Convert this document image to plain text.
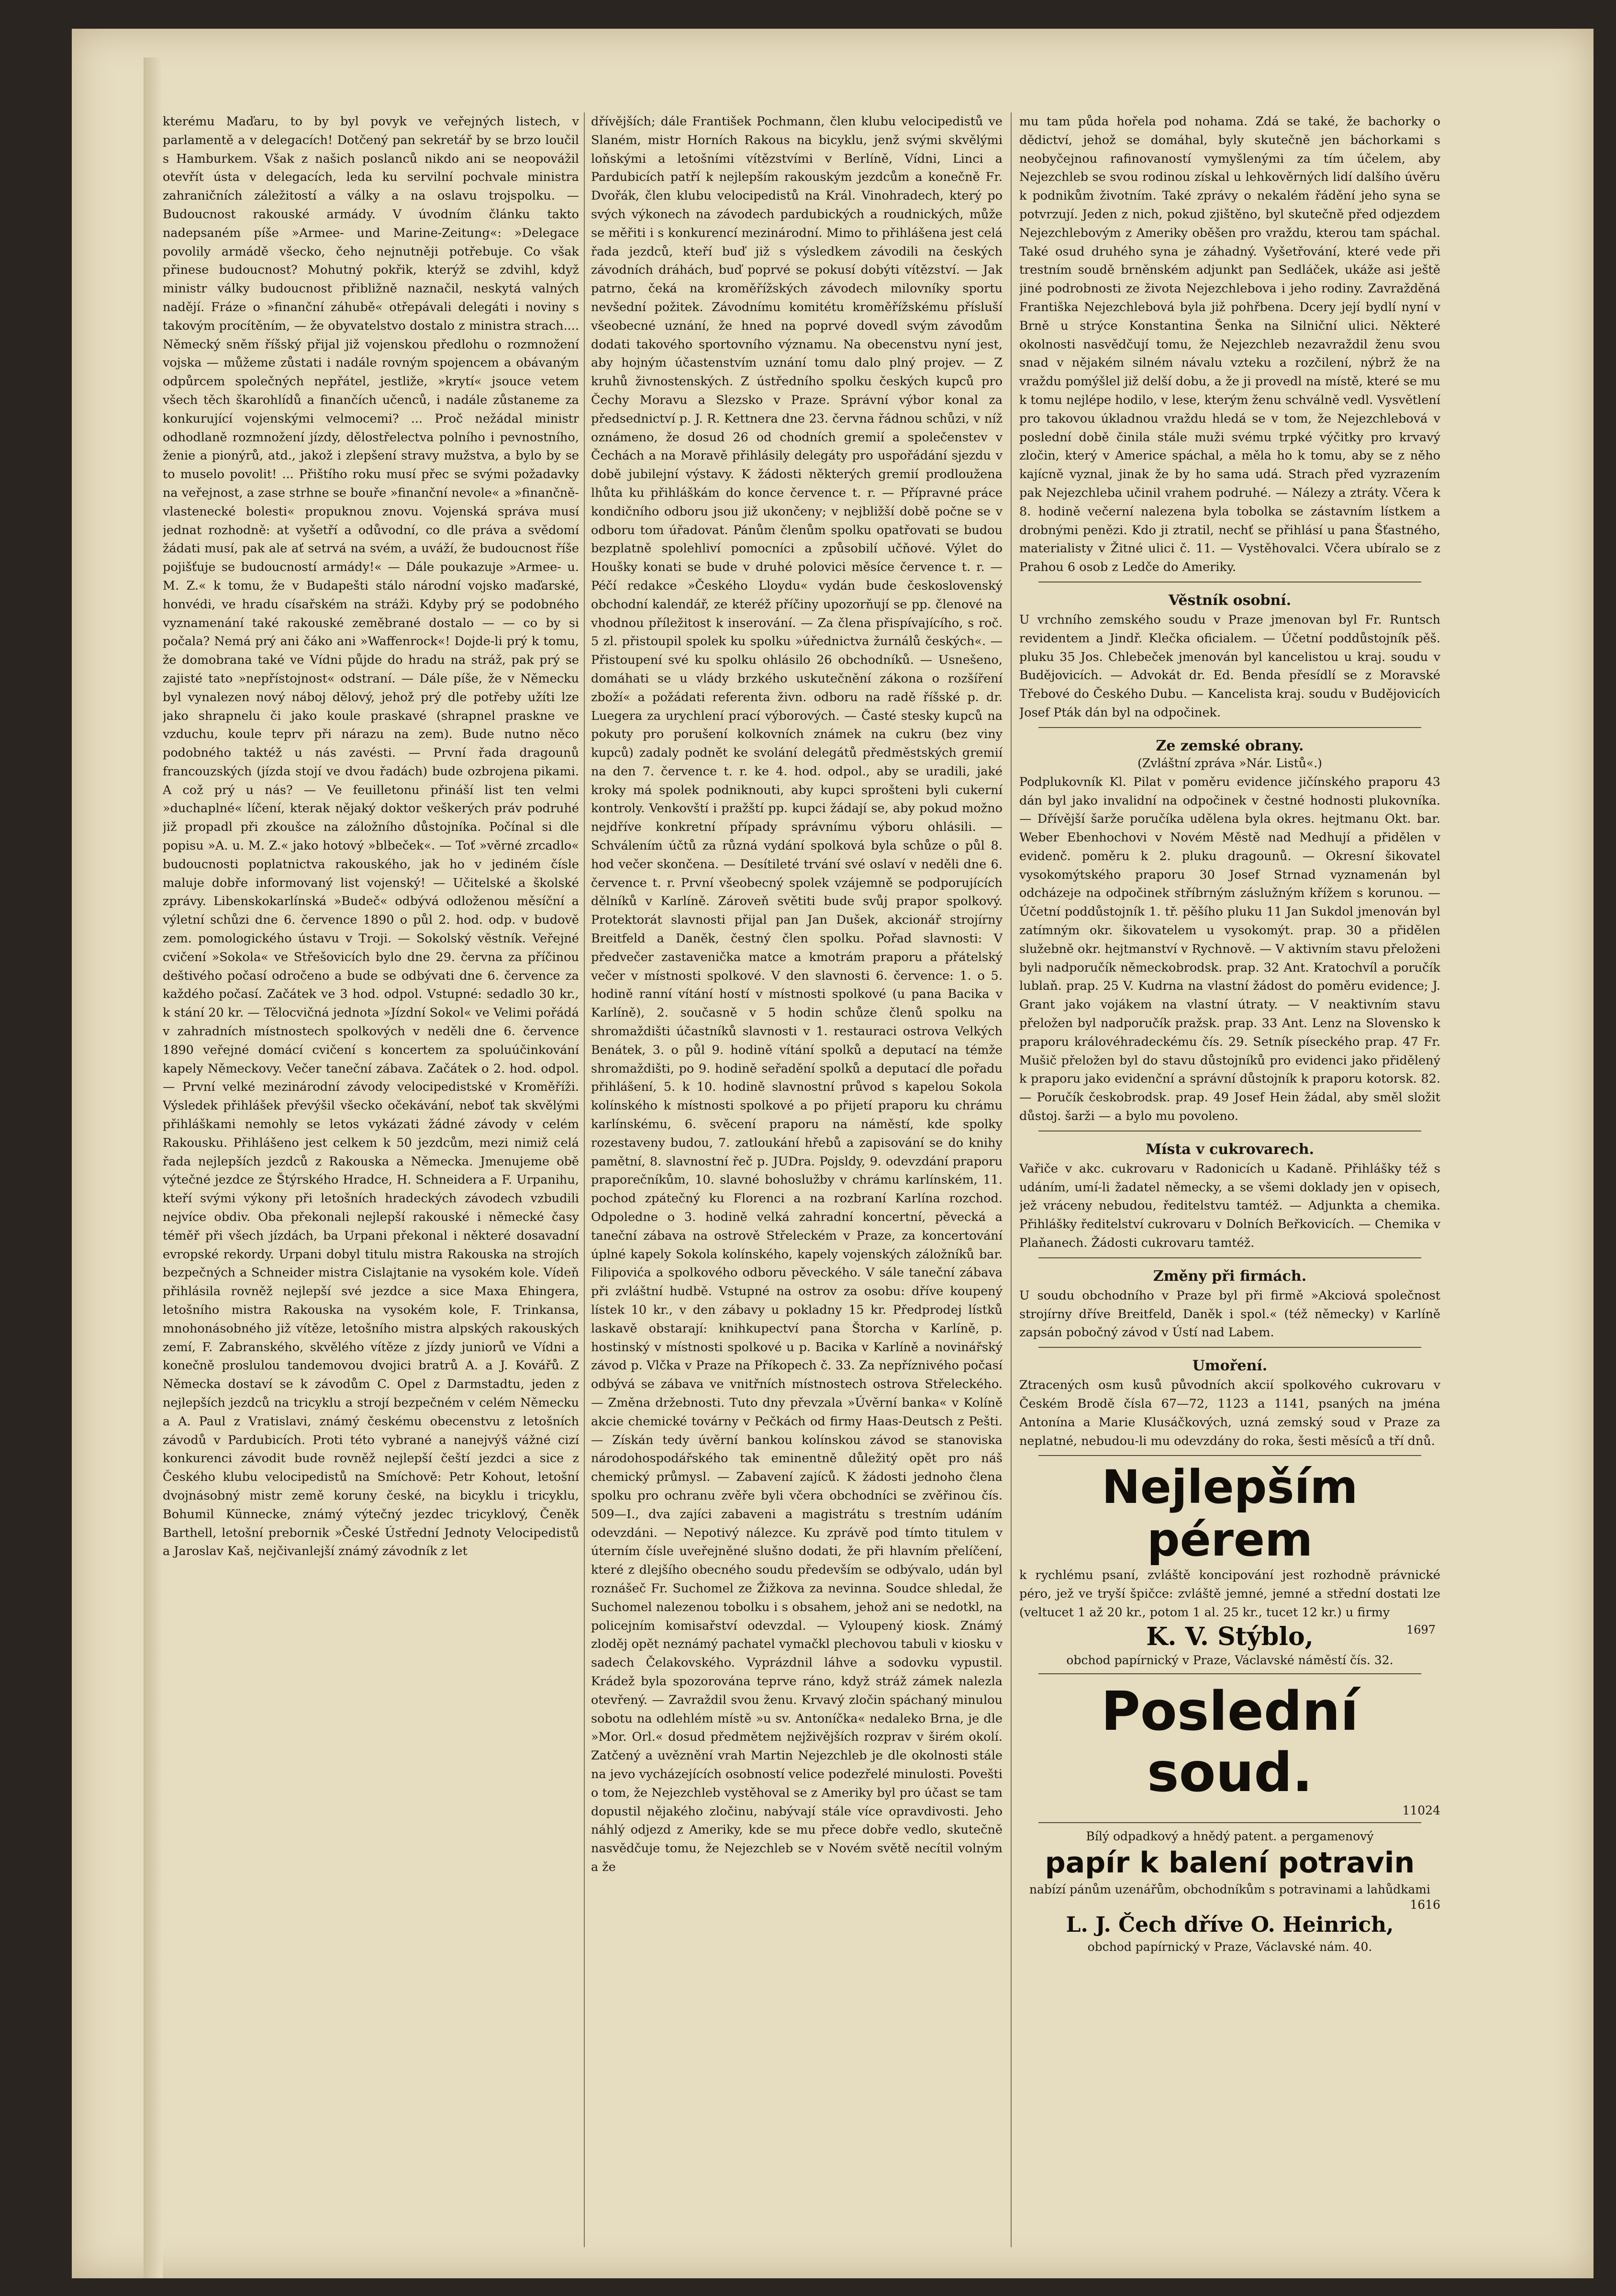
kterému Maďaru, to by byl povyk ve veřejných listech, v parlamentě a v delegacích! Dotčený pan sekretář by se brzo loučil s Hamburkem. Však z našich poslanců nikdo ani se neopovážil otevřít ústa v delegacích, leda ku servilní pochvale ministra zahraničních záležitostí a války a na oslavu trojspolku. — Budoucnost rakouské armády. V úvodním článku takto nadepsaném píše »Armee- und Marine-Zeitung«: »Delegace povolily armádě všecko, čeho nejnutněji potřebuje. Co však přinese budoucnost? Mohutný pokřik, kterýž se zdvihl, když ministr války budoucnost přibližně naznačil, neskytá valných nadějí. Fráze o »finanční záhubě« otřepávali delegáti i noviny s takovým procítěním, — že obyvatelstvo dostalo z ministra strach.... Německý sněm říšský přijal již vojenskou předlohu o rozmnožení vojska — můžeme zůstati i nadále rovným spojencem a obávaným odpůrcem společných nepřátel, jestliže, »krytí« jsouce vetem všech těch škarohlídů a finančích učenců, i nadále zůstaneme za konkurující vojenskými velmocemi? ... Proč nežádal ministr odhodlaně rozmnožení jízdy, dělostřelectva polního i pevnostního, ženie a pionýrů, atd., jakož i zlepšení stravy mužstva, a bylo by se to muselo povolit! ... Přištího roku musí přec se svými požadavky na veřejnost, a zase strhne se bouře »finanční nevole« a »finančně-vlastenecké bolesti« propuknou znovu. Vojenská správa musí jednat rozhodně: at vyšetří a odůvodní, co dle práva a svědomí žádati musí, pak ale ať setrvá na svém, a uváží, že budoucnost říše pojišťuje se budoucností armády!« — Dále poukazuje »Armee- u. M. Z.« k tomu, že v Budapešti stálo národní vojsko maďarské, honvédi, ve hradu císařském na stráži. Kdyby prý se podobného vyznamenání také rakouské zeměbrané dostalo — — co by si počala? Nemá prý ani čáko ani »Waffenrock«! Dojde-li prý k tomu, že domobrana také ve Vídni půjde do hradu na stráž, pak prý se zajisté tato »nepřístojnost« odstraní. — Dále píše, že v Německu byl vynalezen nový náboj dělový, jehož prý dle potřeby užíti lze jako shrapnelu či jako koule praskavé (shrapnel praskne ve vzduchu, koule teprv při nárazu na zem). Bude nutno něco podobného taktéž u nás zavésti. — První řada dragounů francouzských (jízda stojí ve dvou řadách) bude ozbrojena pikami. A což prý u nás? — Ve feuilletonu přináší list ten velmi »duchaplné« líčení, kterak nějaký doktor veškerých práv podruhé již propadl při zkoušce na záložního důstojníka. Počínal si dle popisu »A. u. M. Z.« jako hotový »blbeček«. — Toť »věrné zrcadlo« budoucnosti poplatnictva rakouského, jak ho v jediném čísle maluje dobře informovaný list vojenský! — Učitelské a školské zprávy. Libenskokarlínská »Budeč« odbývá odloženou měsíční a výletní schůzi dne 6. července 1890 o půl 2. hod. odp. v budově zem. pomologického ústavu v Troji. — Sokolský věstník. Veřejné cvičení »Sokola« ve Střešovicích bylo dne 29. června za příčinou deštivého počasí odročeno a bude se odbývati dne 6. července za každého počasí. Začátek ve 3 hod. odpol. Vstupné: sedadlo 30 kr., k stání 20 kr. — Tělocvičná jednota »Jízdní Sokol« ve Velimi pořádá v zahradních místnostech spolkových v neděli dne 6. července 1890 veřejné domácí cvičení s koncertem za spoluúčinkování kapely Německovy. Večer taneční zábava. Začátek o 2. hod. odpol. — První velké mezinárodní závody velocipedistské v Kroměříži. Výsledek přihlášek převýšil všecko očekávání, neboť tak skvělými přihláškami nemohly se letos vykázati žádné závody v celém Rakousku. Přihlášeno jest celkem k 50 jezdcům, mezi nimiž celá řada nejlepších jezdců z Rakouska a Německa. Jmenujeme obě výtečné jezdce ze Štýrského Hradce, H. Schneidera a F. Urpanihu, kteří svými výkony při letošních hradeckých závodech vzbudili nejvíce obdiv. Oba překonali nejlepší rakouské i německé časy téměř při všech jízdách, ba Urpani překonal i některé dosavadní evropské rekordy. Urpani dobyl titulu mistra Rakouska na strojích bezpečných a Schneider mistra Cislajtanie na vysokém kole. Vídeň přihlásila rovněž nejlepší své jezdce a sice Maxa Ehingera, letošního mistra Rakouska na vysokém kole, F. Trinkansa, mnohonásobného již vítěze, letošního mistra alpských rakouských zemí, F. Zabranského, skvělého vítěze z jízdy juniorů ve Vídni a konečně proslulou tandemovou dvojici bratrů A. a J. Kovářů. Z Německa dostaví se k závodům C. Opel z Darmstadtu, jeden z nejlepších jezdců na tricyklu a strojí bezpečném v celém Německu a A. Paul z Vratislavi, známý českému obecenstvu z letošních závodů v Pardubicích. Proti této vybrané a nanejvýš vážné cizí konkurenci závodit bude rovněž nejlepší čeští jezdci a sice z Českého klubu velocipedistů na Smíchově: Petr Kohout, letošní dvojnásobný mistr země koruny české, na bicyklu i tricyklu, Bohumil Künnecke, známý výtečný jezdec tricyklový, Čeněk Barthell, letošní prebornik »České Ústřední Jednoty Velocipedistů a Jaroslav Kaš, nejčivanlejší známý závodník z let

dřívějších; dále František Pochmann, člen klubu velocipedistů ve Slaném, mistr Horních Rakous na bicyklu, jenž svými skvělými loňskými a letošními vítězstvími v Berlíně, Vídni, Linci a Pardubicích patří k nejlepším rakouským jezdcům a konečně Fr. Dvořák, člen klubu velocipedistů na Král. Vinohradech, který po svých výkonech na závodech pardubických a roudnických, může se měřiti i s konkurencí mezinárodní. Mimo to přihlášena jest celá řada jezdců, kteří buď již s výsledkem závodili na českých závodních dráhách, buď poprvé se pokusí dobýti vítězství. — Jak patrno, čeká na kroměřížských závodech milovníky sportu nevšední požitek. Závodnímu komitétu kroměřížskému přísluší všeobecné uznání, že hned na poprvé dovedl svým závodům dodati takového sportovního významu. Na obecenstvu nyní jest, aby hojným účastenstvím uznání tomu dalo plný projev. — Z kruhů živnostenských. Z ústředního spolku českých kupců pro Čechy Moravu a Slezsko v Praze. Správní výbor konal za předsednictví p. J. R. Kettnera dne 23. června řádnou schůzi, v níž oznámeno, že dosud 26 od chodních gremií a společenstev v Čechách a na Moravě přihlásily delegáty pro uspořádání sjezdu v době jubilejní výstavy. K žádosti některých gremií prodloužena lhůta ku přihláškám do konce července t. r. — Přípravné práce kondičního odboru jsou již ukončeny; v nejbližší době počne se v odboru tom úřadovat. Pánům členům spolku opatřovati se budou bezplatně spolehliví pomocníci a způsobilí učňové. Výlet do Houšky konati se bude v druhé polovici měsíce července t. r. — Péčí redakce »Českého Lloydu« vydán bude československý obchodní kalendář, ze kteréž příčiny upozorňují se pp. členové na vhodnou příležitost k inserování. — Za člena přispívajícího, s roč. 5 zl. přistoupil spolek ku spolku »úřednictva žurnálů českých«. — Přistoupení své ku spolku ohlásilo 26 obchodníků. — Usnešeno, domáhati se u vlády brzkého uskutečnění zákona o rozšíření zboží« a požádati referenta živn. odboru na radě říšské p. dr. Luegera za urychlení prací výborových. — Časté stesky kupců na pokuty pro porušení kolkovních známek na cukru (bez viny kupců) zadaly podnět ke svolání delegátů předměstských gremií na den 7. července t. r. ke 4. hod. odpol., aby se uradili, jaké kroky má spolek podniknouti, aby kupci sprošteni byli cukerní kontroly. Venkovští i pražští pp. kupci žádají se, aby pokud možno nejdříve konkretní případy správnímu výboru ohlásili. — Schválením účtů za různá vydání spolková byla schůze o půl 8. hod večer skončena. — Desítileté trvání své oslaví v neděli dne 6. července t. r. První všeobecný spolek vzájemně se podporujících dělníků v Karlíně. Zároveň světiti bude svůj prapor spolkový. Protektorát slavnosti přijal pan Jan Dušek, akcionář strojírny Breitfeld a Daněk, čestný člen spolku. Pořad slavnosti: V předvečer zastavenička matce a kmotrám praporu a přátelský večer v místnosti spolkové. V den slavnosti 6. července: 1. o 5. hodině ranní vítání hostí v místnosti spolkové (u pana Bacika v Karlíně), 2. současně v 5 hodin schůze členů spolku na shromaždišti účastníků slavnosti v 1. restauraci ostrova Velkých Benátek, 3. o půl 9. hodině vítání spolků a deputací na témže shromaždišti, po 9. hodině seřadění spolků a deputací dle pořadu přihlášení, 5. k 10. hodině slavnostní průvod s kapelou Sokola kolínského k místnosti spolkové a po přijetí praporu ku chrámu karlínskému, 6. svěcení praporu na náměstí, kde spolky rozestaveny budou, 7. zatloukání hřebů a zapisování se do knihy pamětní, 8. slavnostní řeč p. JUDra. Pojsldy, 9. odevzdání praporu praporečníkům, 10. slavné bohoslužby v chrámu karlínském, 11. pochod zpátečný ku Florenci a na rozbraní Karlína rozchod. Odpoledne o 3. hodině velká zahradní koncertní, pěvecká a taneční zábava na ostrově Střeleckém v Praze, za koncertování úplné kapely Sokola kolínského, kapely vojenských záložníků bar. Filipovića a spolkového odboru pěveckého. V sále taneční zábava při zvláštní hudbě. Vstupné na ostrov za osobu: dříve koupený lístek 10 kr., v den zábavy u pokladny 15 kr. Předprodej lístků laskavě obstarají: knihkupectví pana Štorcha v Karlíně, p. hostinský v místnosti spolkové u p. Bacika v Karlíně a novinářský závod p. Vlčka v Praze na Příkopech č. 33. Za nepříznivého počasí odbývá se zábava ve vnitřních místnostech ostrova Střeleckého. — Změna držebnosti. Tuto dny převzala »Úvěrní banka« v Kolíně akcie chemické továrny v Pečkách od firmy Haas-Deutsch z Pešti. — Získán tedy úvěrní bankou kolínskou závod se stanoviska národohospodářského tak eminentně důležitý opět pro náš chemický průmysl. — Zabavení zajíců. K žádosti jednoho člena spolku pro ochranu zvěře byli včera obchodníci se zvěřinou čís. 509—I., dva zajíci zabaveni a magistrátu s trestním udáním odevzdáni. — Nepotivý nálezce. Ku zprávě pod tímto titulem v úterním čísle uveřejněné slušno dodati, že při hlavním přelíčení, které z dlejšího obecného soudu především se odbývalo, udán byl roznášeč Fr. Suchomel ze Žižkova za nevinna. Soudce shledal, že Suchomel nalezenou tobolku i s obsahem, jehož ani se nedotkl, na policejním komisařství odevzdal. — Vyloupený kiosk. Známý zloděj opět neznámý pachatel vymačkl plechovou tabuli v kiosku v sadech Čelakovského. Vyprázdnil láhve a sodovku vypustil. Krádež byla spozorována teprve ráno, když stráž zámek nalezla otevřený. — Zavraždil svou ženu. Krvavý zločin spáchaný minulou sobotu na odlehlém místě »u sv. Antoníčka« nedaleko Brna, je dle »Mor. Orl.« dosud předmětem nejživějších rozprav v širém okolí. Zatčený a uvěznění vrah Martin Nejezchleb je dle okolnosti stále na jevo vycházejících osobností velice podezřelé minulosti. Povešti o tom, že Nejezchleb vystěhoval se z Ameriky byl pro účast se tam dopustil nějakého zločinu, nabývají stále více opravdivosti. Jeho náhlý odjezd z Ameriky, kde se mu přece dobře vedlo, skutečně nasvědčuje tomu, že Nejezchleb se v Novém světě necítil volným a že

mu tam půda hořela pod nohama. Zdá se také, že bachorky o dědictví, jehož se domáhal, byly skutečně jen báchorkami s neobyčejnou rafinovaností vymyšlenými za tím účelem, aby Nejezchleb se svou rodinou získal u lehkověrných lidí dalšího úvěru k podnikům životním. Také zprávy o nekalém řádění jeho syna se potvrzují. Jeden z nich, pokud zjištěno, byl skutečně před odjezdem Nejezchlebovým z Ameriky oběšen pro vraždu, kterou tam spáchal. Také osud druhého syna je záhadný. Vyšetřování, které vede při trestním soudě brněnském adjunkt pan Sedláček, ukáže asi ještě jiné podrobnosti ze života Nejezchlebova i jeho rodiny. Zavražděná Františka Nejezchlebová byla již pohřbena. Dcery její bydlí nyní v Brně u strýce Konstantina Šenka na Silniční ulici. Některé okolnosti nasvědčují tomu, že Nejezchleb nezavraždil ženu svou snad v nějakém silném návalu vzteku a rozčilení, nýbrž že na vraždu pomýšlel již delší dobu, a že ji provedl na místě, které se mu k tomu nejlépe hodilo, v lese, kterým ženu schválně vedl. Vysvětlení pro takovou úkladnou vraždu hledá se v tom, že Nejezchlebová v poslední době činila stále muži svému trpké výčitky pro krvavý zločin, který v Americe spáchal, a měla ho k tomu, aby se z něho kajícně vyznal, jinak že by ho sama udá. Strach před vyzrazením pak Nejezchleba učinil vrahem podruhé. — Nálezy a ztráty. Včera k 8. hodině večerní nalezena byla tobolka se zástavním lístkem a drobnými penězi. Kdo ji ztratil, nechť se přihlásí u pana Šťastného, materialisty v Žitné ulici č. 11. — Vystěhovalci. Včera ubíralo se z Prahou 6 osob z Ledče do Ameriky.

Věstník osobní.

U vrchního zemského soudu v Praze jmenovan byl Fr. Runtsch revidentem a Jindř. Klečka oficialem. — Účetní poddůstojník pěš. pluku 35 Jos. Chlebeček jmenován byl kancelistou u kraj. soudu v Budějovicích. — Advokát dr. Ed. Benda přesídlí se z Moravské Třebové do Českého Dubu. — Kancelista kraj. soudu v Budějovicích Josef Pták dán byl na odpočinek.

Ze zemské obrany.
(Zvláštní zpráva »Nár. Listů«.)

Podplukovník Kl. Pilat v poměru evidence jičínského praporu 43 dán byl jako invalidní na odpočinek v čestné hodnosti plukovníka. — Dřívější šarže poručíka udělena byla okres. hejtmanu Okt. bar. Weber Ebenhochovi v Novém Městě nad Medhují a přidělen v evidenč. poměru k 2. pluku dragounů. — Okresní šikovatel vysokomýtského praporu 30 Josef Strnad vyznamenán byl odcházeje na odpočinek stříbrným záslužným křížem s korunou. — Účetní poddůstojník 1. tř. pěšího pluku 11 Jan Sukdol jmenován byl zatímným okr. šikovatelem u vysokomýt. prap. 30 a přidělen služebně okr. hejtmanství v Rychnově. — V aktivním stavu přeloženi byli nadporučík německobrodsk. prap. 32 Ant. Kratochvíl a poručík lublaň. prap. 25 V. Kudrna na vlastní žádost do poměru evidence; J. Grant jako vojákem na vlastní útraty. — V neaktivním stavu přeložen byl nadporučík pražsk. prap. 33 Ant. Lenz na Slovensko k praporu královéhradeckému čís. 29. Setník píseckého prap. 47 Fr. Mušič přeložen byl do stavu důstojníků pro evidenci jako přidělený k praporu jako evidenční a správní důstojník k praporu kotorsk. 82. — Poručík českobrodsk. prap. 49 Josef Hein žádal, aby směl složit důstoj. šarži — a bylo mu povoleno.

Místa v cukrovarech.

Vařiče v akc. cukrovaru v Radonicích u Kadaně. Přihlášky též s udáním, umí-li žadatel německy, a se všemi doklady jen v opisech, jež vráceny nebudou, ředitelstvu tamtéž. — Adjunkta a chemika. Přihlášky ředitelství cukrovaru v Dolních Beřkovicích. — Chemika v Plaňanech. Žádosti cukrovaru tamtéž.

Změny při firmách.

U soudu obchodního v Praze byl při firmě »Akciová společnost strojírny dříve Breitfeld, Daněk i spol.« (též německy) v Karlíně zapsán pobočný závod v Ústí nad Labem.

Umoření.

Ztracených osm kusů původních akcií spolkového cukrovaru v Českém Brodě čísla 67—72, 1123 a 1141, psaných na jména Antonína a Marie Klusáčkových, uzná zemský soud v Praze za neplatné, nebudou-li mu odevzdány do roka, šesti měsíců a tří dnů.

Nejlepším pérem

k rychlému psaní, zvláště koncipování jest rozhodně právnické péro, jež ve tryší špičce: zvláště jemné, jemné a střední dostati lze (veltucet 1 až 20 kr., potom 1 al. 25 kr., tucet 12 kr.) u firmy

K. V. Stýblo,	1697

obchod papírnický v Praze, Václavské náměstí čís. 32.

Poslední soud.

11024

Bílý odpadkový a hnědý patent. a pergamenový

papír k balení potravin

nabízí pánům uzenářům, obchodníkům s potravinami a lahůdkami

1616

L. J. Čech dříve O. Heinrich,

obchod papírnický v Praze, Václavské nám. 40.
